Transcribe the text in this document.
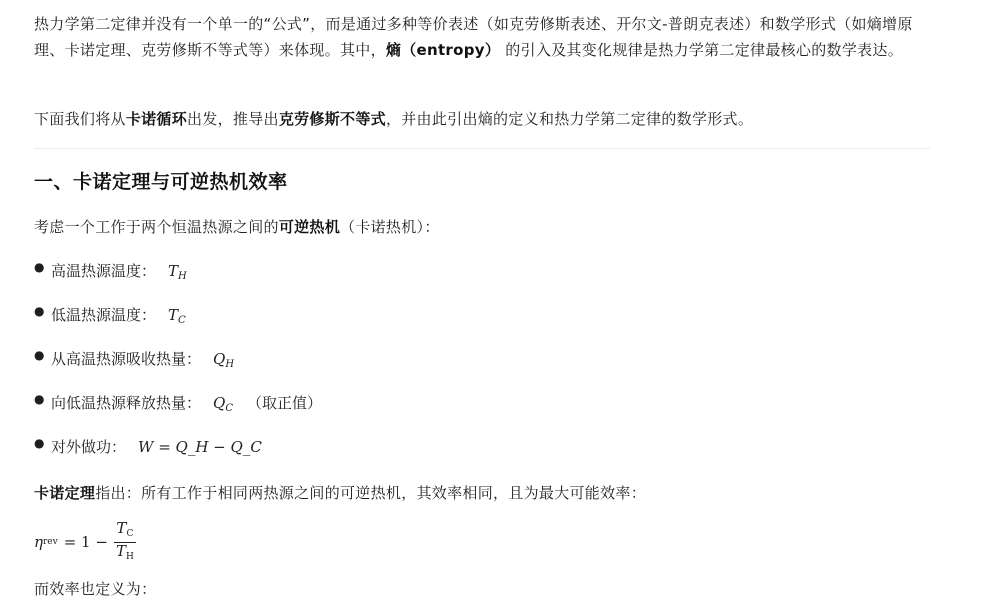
热力学第二定律并没有一个单一的“公式”，而是通过多种等价表述（如克劳修斯表述、开尔文-普朗克表述）和数学形式（如熵增原理、卡诺定理、克劳修斯不等式等）来体现。其中，熵（entropy） 的引入及其变化规律是热力学第二定律最核心的数学表达。

下面我们将从卡诺循环出发，推导出克劳修斯不等式，并由此引出熵的定义和热力学第二定律的数学形式。

一、卡诺定理与可逆热机效率

考虑一个工作于两个恒温热源之间的可逆热机（卡诺热机）：

● 高温热源温度： $T_H$
● 低温热源温度： $T_C$
● 从高温热源吸收热量： $Q_H$
● 向低温热源释放热量： $Q_C$ （取正值）
● 对外做功： W = Q_H − Q_C

卡诺定理指出：所有工作于相同两热源之间的可逆热机，其效率相同，且为最大可能效率：

η rev = $1 - \frac{T_C}{T_H}$

而效率也定义为：
